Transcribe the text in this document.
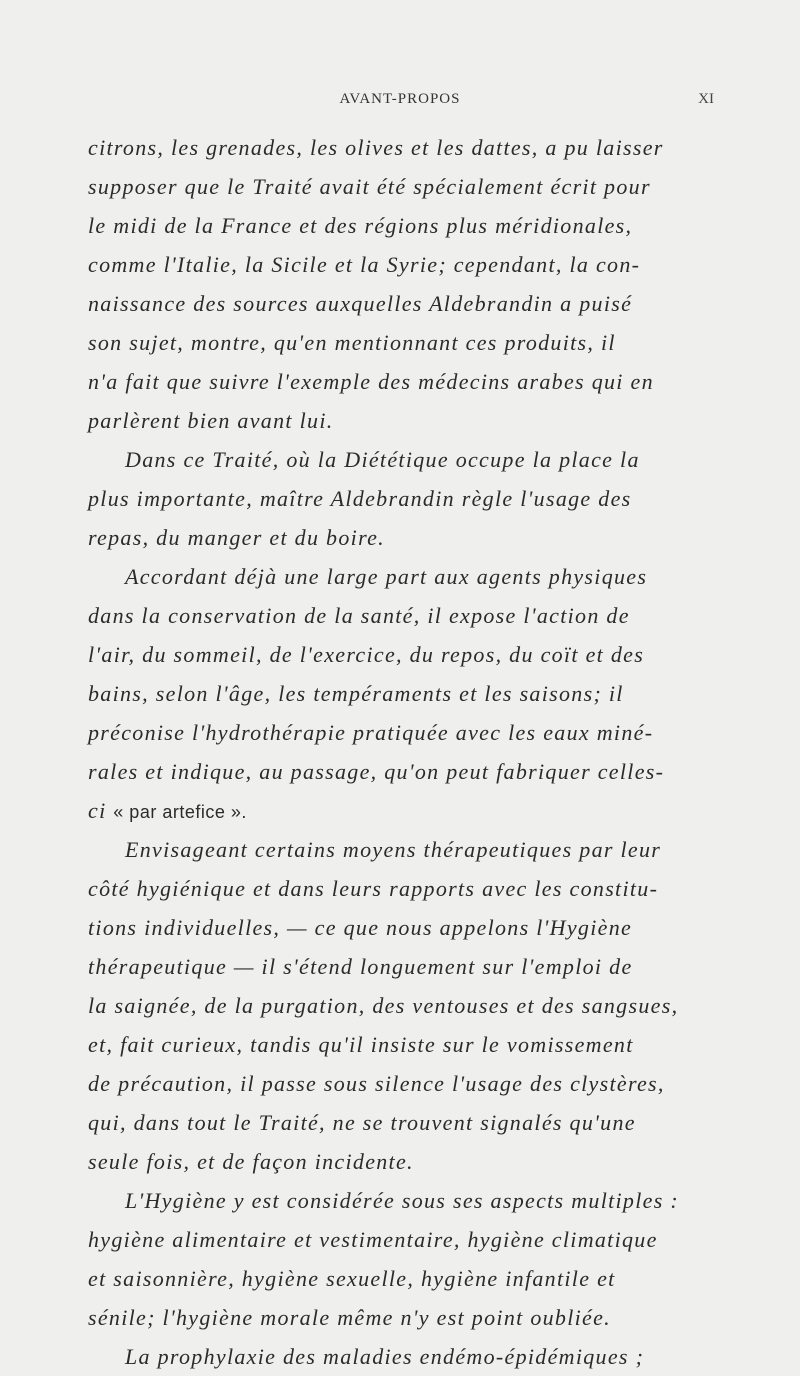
AVANT-PROPOS	XI
citrons, les grenades, les olives et les dattes, a pu laisser
supposer que le Traité avait été spécialement écrit pour
le midi de la France et des régions plus méridionales,
comme l'Italie, la Sicile et la Syrie; cependant, la con-
naissance des sources auxquelles Aldebrandin a puisé
son sujet, montre, qu'en mentionnant ces produits, il
n'a fait que suivre l'exemple des médecins arabes qui en
parlèrent bien avant lui.
Dans ce Traité, où la Diététique occupe la place la
plus importante, maître Aldebrandin règle l'usage des
repas, du manger et du boire.
Accordant déjà une large part aux agents physiques
dans la conservation de la santé, il expose l'action de
l'air, du sommeil, de l'exercice, du repos, du coït et des
bains, selon l'âge, les tempéraments et les saisons; il
préconise l'hydrothérapie pratiquée avec les eaux miné-
rales et indique, au passage, qu'on peut fabriquer celles-
ci « par artefice ».
Envisageant certains moyens thérapeutiques par leur
côté hygiénique et dans leurs rapports avec les constitu-
tions individuelles, — ce que nous appelons l'Hygiène
thérapeutique — il s'étend longuement sur l'emploi de
la saignée, de la purgation, des ventouses et des sangsues,
et, fait curieux, tandis qu'il insiste sur le vomissement
de précaution, il passe sous silence l'usage des clystères,
qui, dans tout le Traité, ne se trouvent signalés qu'une
seule fois, et de façon incidente.
L'Hygiène y est considérée sous ses aspects multiples :
hygiène alimentaire et vestimentaire, hygiène climatique
et saisonnière, hygiène sexuelle, hygiène infantile et
sénile; l'hygiène morale même n'y est point oubliée.
La prophylaxie des maladies endémo-épidémiques ;
